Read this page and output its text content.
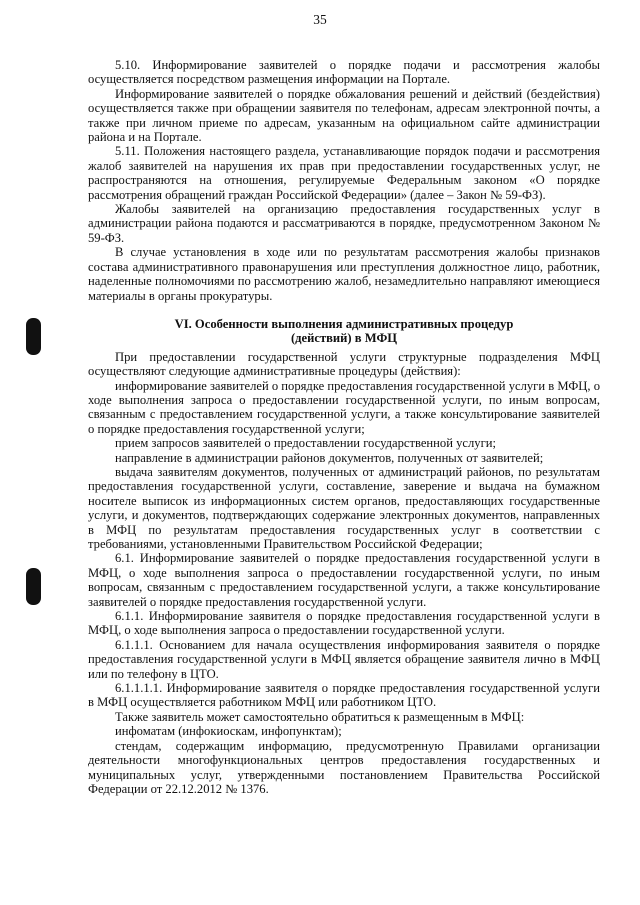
35

5.10. Информирование заявителей о порядке подачи и рассмотрения жалобы осуществляется посредством размещения информации на Портале.

Информирование заявителей о порядке обжалования решений и действий (бездействия) осуществляется также при обращении заявителя по телефонам, адресам электронной почты, а также при личном приеме по адресам, указанным на официальном сайте администрации района и на Портале.

5.11. Положения настоящего раздела, устанавливающие порядок подачи и рассмотрения жалоб заявителей на нарушения их прав при предоставлении государственных услуг, не распространяются на отношения, регулируемые Федеральным законом «О порядке рассмотрения обращений граждан Российской Федерации» (далее – Закон № 59-ФЗ).

Жалобы заявителей на организацию предоставления государственных услуг в администрации района подаются и рассматриваются в порядке, предусмотренном Законом № 59-ФЗ.

В случае установления в ходе или по результатам рассмотрения жалобы признаков состава административного правонарушения или преступления должностное лицо, работник, наделенные полномочиями по рассмотрению жалоб, незамедлительно направляют имеющиеся материалы в органы прокуратуры.

VI. Особенности выполнения административных процедур
(действий) в МФЦ

При предоставлении государственной услуги структурные подразделения МФЦ осуществляют следующие административные процедуры (действия):

информирование заявителей о порядке предоставления государственной услуги в МФЦ, о ходе выполнения запроса о предоставлении государственной услуги, по иным вопросам, связанным с предоставлением государственной услуги, а также консультирование заявителей о порядке предоставления государственной услуги;

прием запросов заявителей о предоставлении государственной услуги;

направление в администрации районов документов, полученных от заявителей;

выдача заявителям документов, полученных от администраций районов, по результатам предоставления государственной услуги, составление, заверение и выдача на бумажном носителе выписок из информационных систем органов, предоставляющих государственные услуги, и документов, подтверждающих содержание электронных документов, направленных в МФЦ по результатам предоставления государственных услуг в соответствии с требованиями, установленными Правительством Российской Федерации;

6.1. Информирование заявителей о порядке предоставления государственной услуги в МФЦ, о ходе выполнения запроса о предоставлении государственной услуги, по иным вопросам, связанным с предоставлением государственной услуги, а также консультирование заявителей о порядке предоставления государственной услуги.

6.1.1. Информирование заявителя о порядке предоставления государственной услуги в МФЦ, о ходе выполнения запроса о предоставлении государственной услуги.

6.1.1.1. Основанием для начала осуществления информирования заявителя о порядке предоставления государственной услуги в МФЦ является обращение заявителя лично в МФЦ или по телефону в ЦТО.

6.1.1.1.1. Информирование заявителя о порядке предоставления государственной услуги в МФЦ осуществляется работником МФЦ или работником ЦТО.

Также заявитель может самостоятельно обратиться к размещенным в МФЦ:

инфоматам (инфокиоскам, инфопунктам);

стендам, содержащим информацию, предусмотренную Правилами организации деятельности многофункциональных центров предоставления государственных и муниципальных услуг, утвержденными постановлением Правительства Российской Федерации от 22.12.2012 № 1376.
